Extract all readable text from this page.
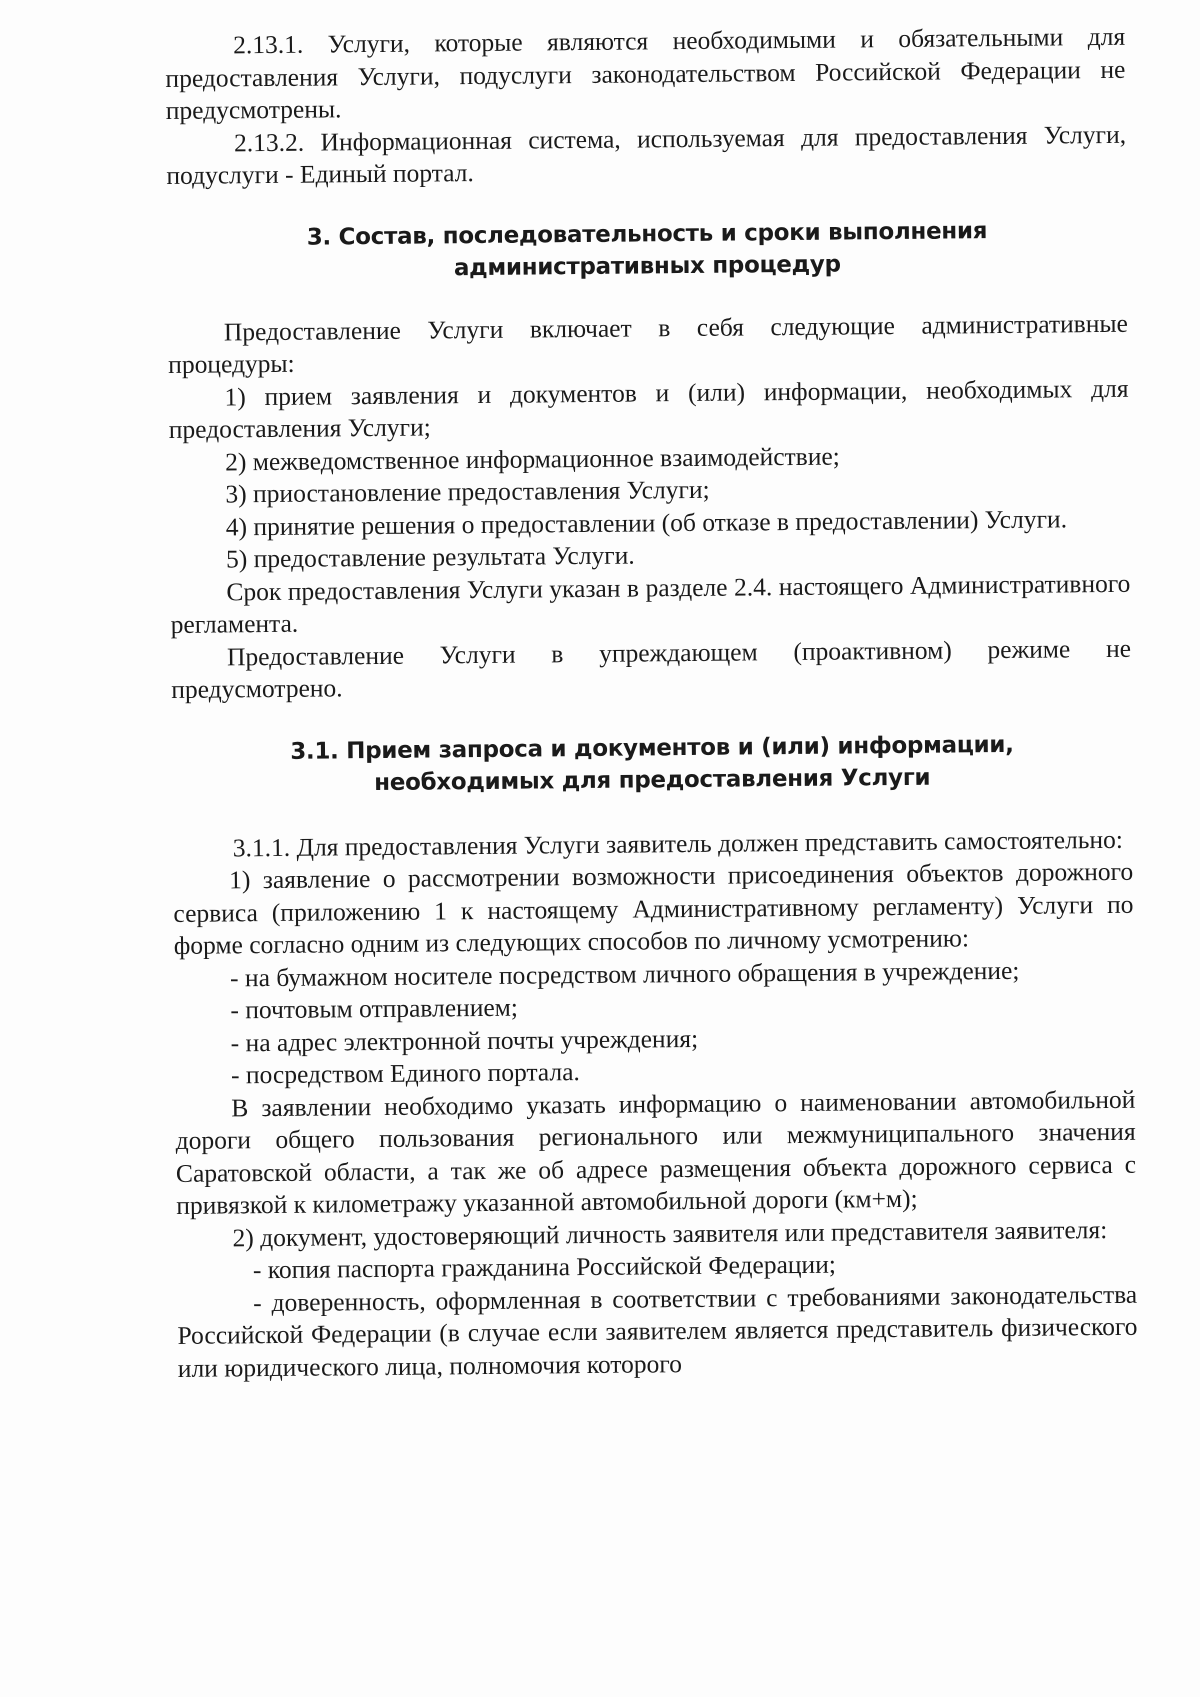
2.13.1. Услуги, которые являются необходимыми и обязательными для предоставления Услуги, подуслуги законодательством Российской Федерации не предусмотрены.

2.13.2. Информационная система, используемая для предоставления Услуги, подуслуги - Единый портал.

3. Состав, последовательность и сроки выполнения
административных процедур

Предоставление Услуги включает в себя следующие административные процедуры:

1) прием заявления и документов и (или) информации, необходимых для предоставления Услуги;

2) межведомственное информационное взаимодействие;

3) приостановление предоставления Услуги;

4) принятие решения о предоставлении (об отказе в предоставлении) Услуги.

5) предоставление результата Услуги.

Срок предоставления Услуги указан в разделе 2.4. настоящего Административного регламента.

Предоставление Услуги в упреждающем (проактивном) режиме не предусмотрено.

3.1. Прием запроса и документов и (или) информации,
необходимых для предоставления Услуги

3.1.1. Для предоставления Услуги заявитель должен представить самостоятельно:

1) заявление о рассмотрении возможности присоединения объектов дорожного сервиса (приложению 1 к настоящему Административному регламенту) Услуги по форме согласно одним из следующих способов по личному усмотрению:

- на бумажном носителе посредством личного обращения в учреждение;

- почтовым отправлением;

- на адрес электронной почты учреждения;

- посредством Единого портала.

В заявлении необходимо указать информацию о наименовании автомобильной дороги общего пользования регионального или межмуниципального значения Саратовской области, а так же об адресе размещения объекта дорожного сервиса с привязкой к километражу указанной автомобильной дороги (км+м);

2) документ, удостоверяющий личность заявителя или представителя заявителя:

- копия паспорта гражданина Российской Федерации;

- доверенность, оформленная в соответствии с требованиями законодательства Российской Федерации (в случае если заявителем является представитель физического или юридического лица, полномочия которого
